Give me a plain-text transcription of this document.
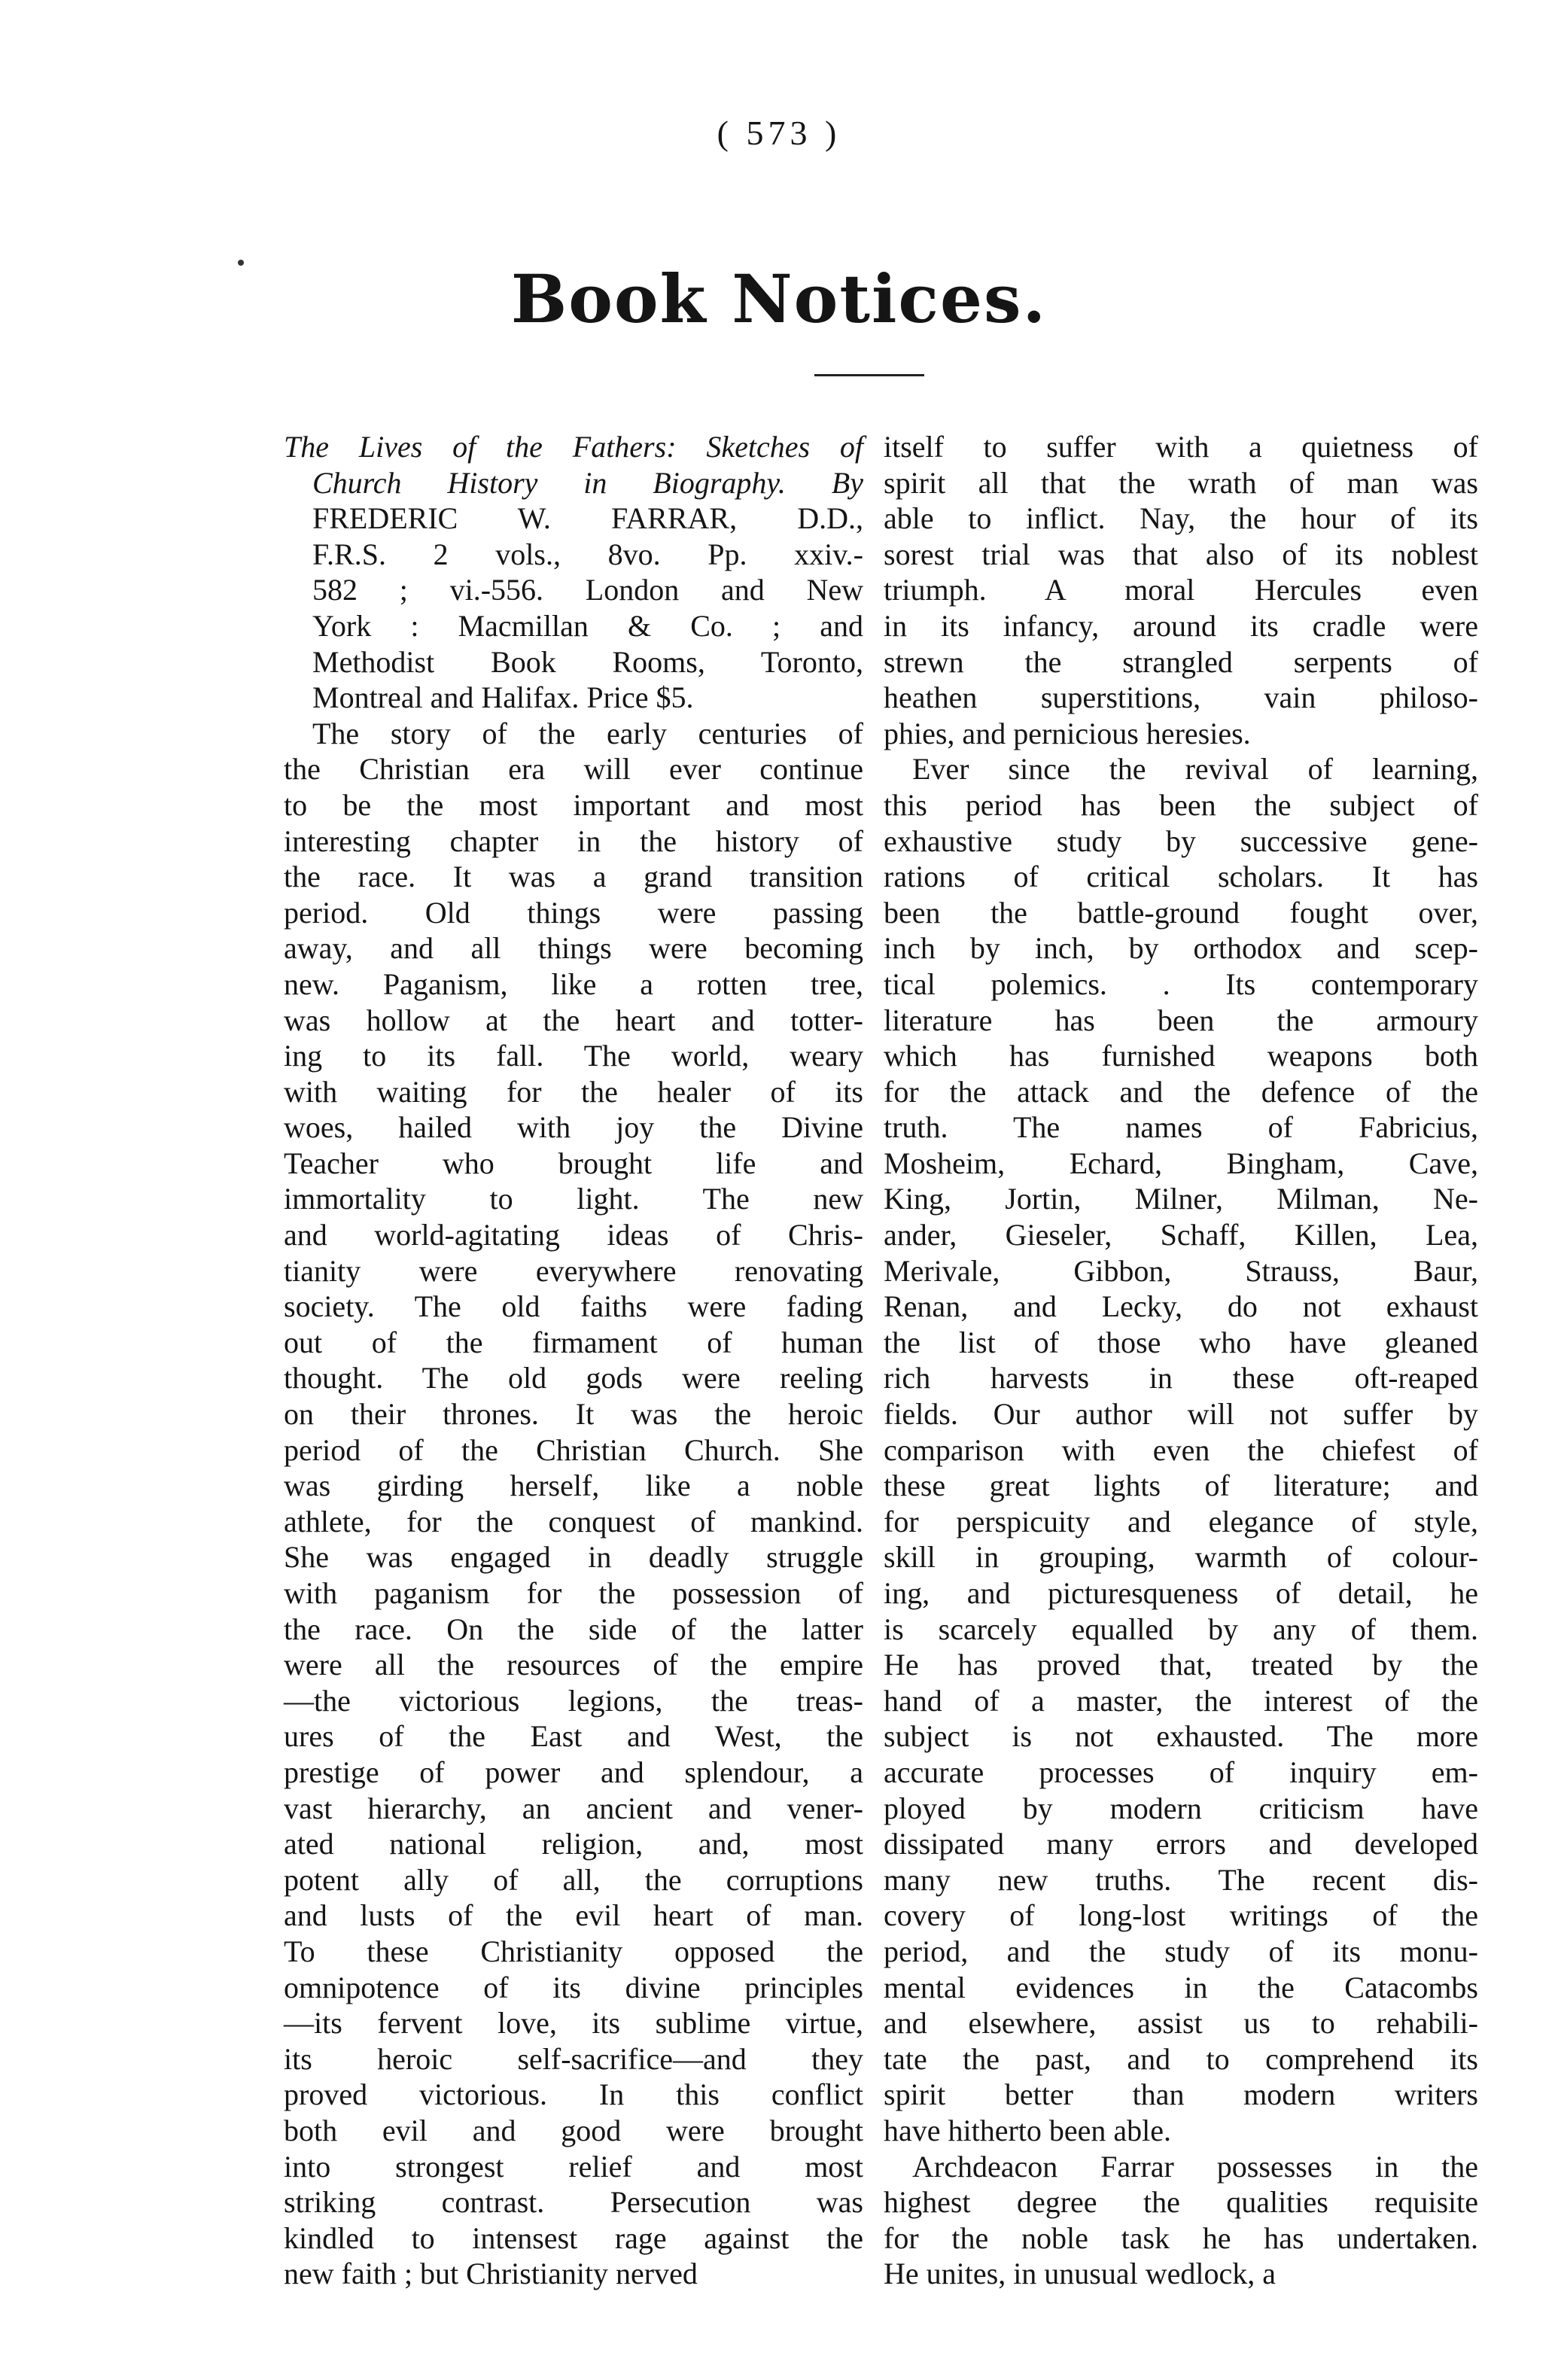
( 573 )
Book Notices.
The Lives of the Fathers: Sketches of
Church History in Biography. By
FREDERIC W. FARRAR, D.D.,
F.R.S. 2 vols., 8vo. Pp. xxiv.-
582 ; vi.-556. London and New
York : Macmillan & Co. ; and
Methodist Book Rooms, Toronto,
Montreal and Halifax. Price $5.
The story of the early centuries of
the Christian era will ever continue
to be the most important and most
interesting chapter in the history of
the race. It was a grand transition
period. Old things were passing
away, and all things were becoming
new. Paganism, like a rotten tree,
was hollow at the heart and totter-
ing to its fall. The world, weary
with waiting for the healer of its
woes, hailed with joy the Divine
Teacher who brought life and
immortality to light. The new
and world-agitating ideas of Chris-
tianity were everywhere renovating
society. The old faiths were fading
out of the firmament of human
thought. The old gods were reeling
on their thrones. It was the heroic
period of the Christian Church. She
was girding herself, like a noble
athlete, for the conquest of mankind.
She was engaged in deadly struggle
with paganism for the possession of
the race. On the side of the latter
were all the resources of the empire
—the victorious legions, the treas-
ures of the East and West, the
prestige of power and splendour, a
vast hierarchy, an ancient and vener-
ated national religion, and, most
potent ally of all, the corruptions
and lusts of the evil heart of man.
To these Christianity opposed the
omnipotence of its divine principles
—its fervent love, its sublime virtue,
its heroic self-sacrifice—and they
proved victorious. In this conflict
both evil and good were brought
into strongest relief and most
striking contrast. Persecution was
kindled to intensest rage against the
new faith ; but Christianity nerved
itself to suffer with a quietness of
spirit all that the wrath of man was
able to inflict. Nay, the hour of its
sorest trial was that also of its noblest
triumph. A moral Hercules even
in its infancy, around its cradle were
strewn the strangled serpents of
heathen superstitions, vain philoso-
phies, and pernicious heresies.
Ever since the revival of learning,
this period has been the subject of
exhaustive study by successive gene-
rations of critical scholars. It has
been the battle-ground fought over,
inch by inch, by orthodox and scep-
tical polemics. . Its contemporary
literature has been the armoury
which has furnished weapons both
for the attack and the defence of the
truth. The names of Fabricius,
Mosheim, Echard, Bingham, Cave,
King, Jortin, Milner, Milman, Ne-
ander, Gieseler, Schaff, Killen, Lea,
Merivale, Gibbon, Strauss, Baur,
Renan, and Lecky, do not exhaust
the list of those who have gleaned
rich harvests in these oft-reaped
fields. Our author will not suffer by
comparison with even the chiefest of
these great lights of literature; and
for perspicuity and elegance of style,
skill in grouping, warmth of colour-
ing, and picturesqueness of detail, he
is scarcely equalled by any of them.
He has proved that, treated by the
hand of a master, the interest of the
subject is not exhausted. The more
accurate processes of inquiry em-
ployed by modern criticism have
dissipated many errors and developed
many new truths. The recent dis-
covery of long-lost writings of the
period, and the study of its monu-
mental evidences in the Catacombs
and elsewhere, assist us to rehabili-
tate the past, and to comprehend its
spirit better than modern writers
have hitherto been able.
Archdeacon Farrar possesses in the
highest degree the qualities requisite
for the noble task he has undertaken.
He unites, in unusual wedlock, a
